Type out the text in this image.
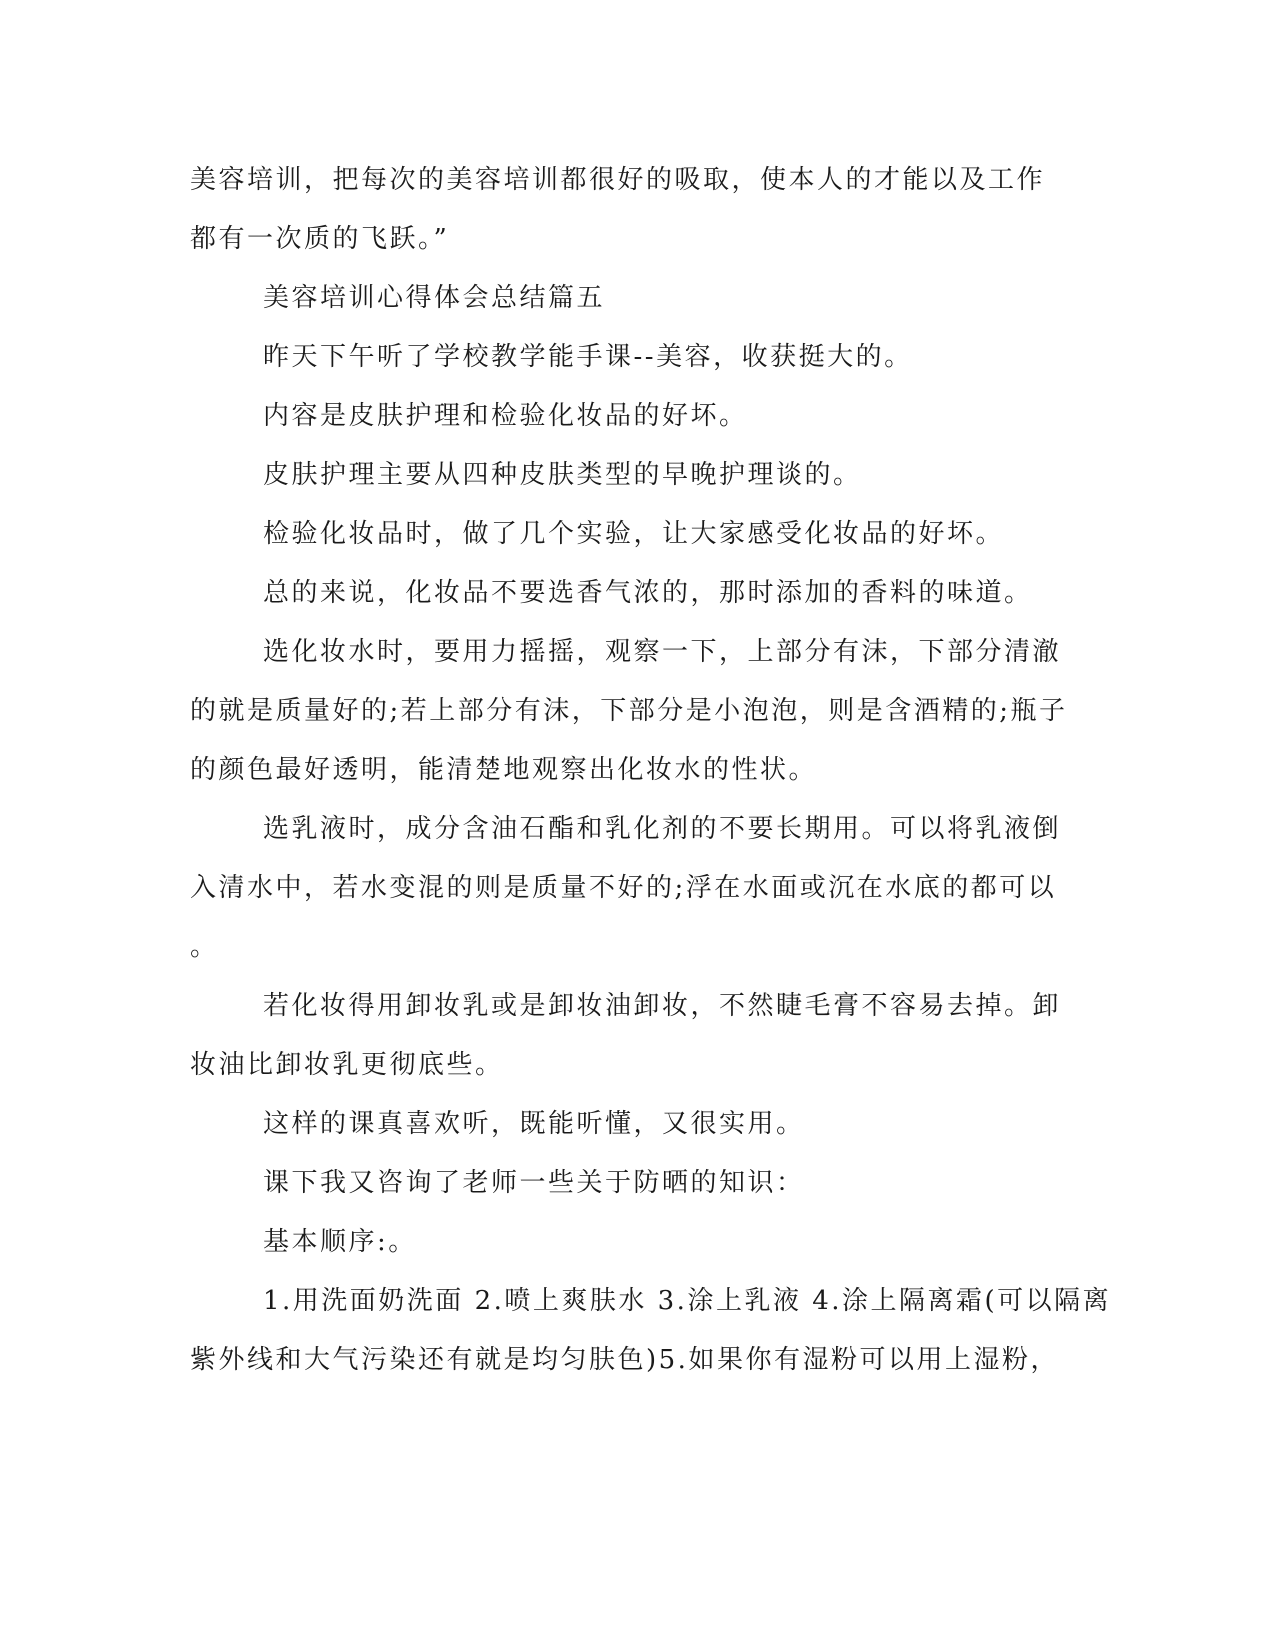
美容培训，把每次的美容培训都很好的吸取，使本人的才能以及工作

都有一次质的飞跃。”

美容培训心得体会总结篇五

昨天下午听了学校教学能手课--美容，收获挺大的。

内容是皮肤护理和检验化妆品的好坏。

皮肤护理主要从四种皮肤类型的早晚护理谈的。

检验化妆品时，做了几个实验，让大家感受化妆品的好坏。

总的来说，化妆品不要选香气浓的，那时添加的香料的味道。

选化妆水时，要用力摇摇，观察一下，上部分有沫，下部分清澈

的就是质量好的;若上部分有沫，下部分是小泡泡，则是含酒精的;瓶子

的颜色最好透明，能清楚地观察出化妆水的性状。

选乳液时，成分含油石酯和乳化剂的不要长期用。可以将乳液倒

入清水中，若水变混的则是质量不好的;浮在水面或沉在水底的都可以

。

若化妆得用卸妆乳或是卸妆油卸妆，不然睫毛膏不容易去掉。卸

妆油比卸妆乳更彻底些。

这样的课真喜欢听，既能听懂，又很实用。

课下我又咨询了老师一些关于防晒的知识：

基本顺序:。

1.用洗面奶洗面 2.喷上爽肤水 3.涂上乳液 4.涂上隔离霜(可以隔离

紫外线和大气污染还有就是均匀肤色)5.如果你有湿粉可以用上湿粉，
